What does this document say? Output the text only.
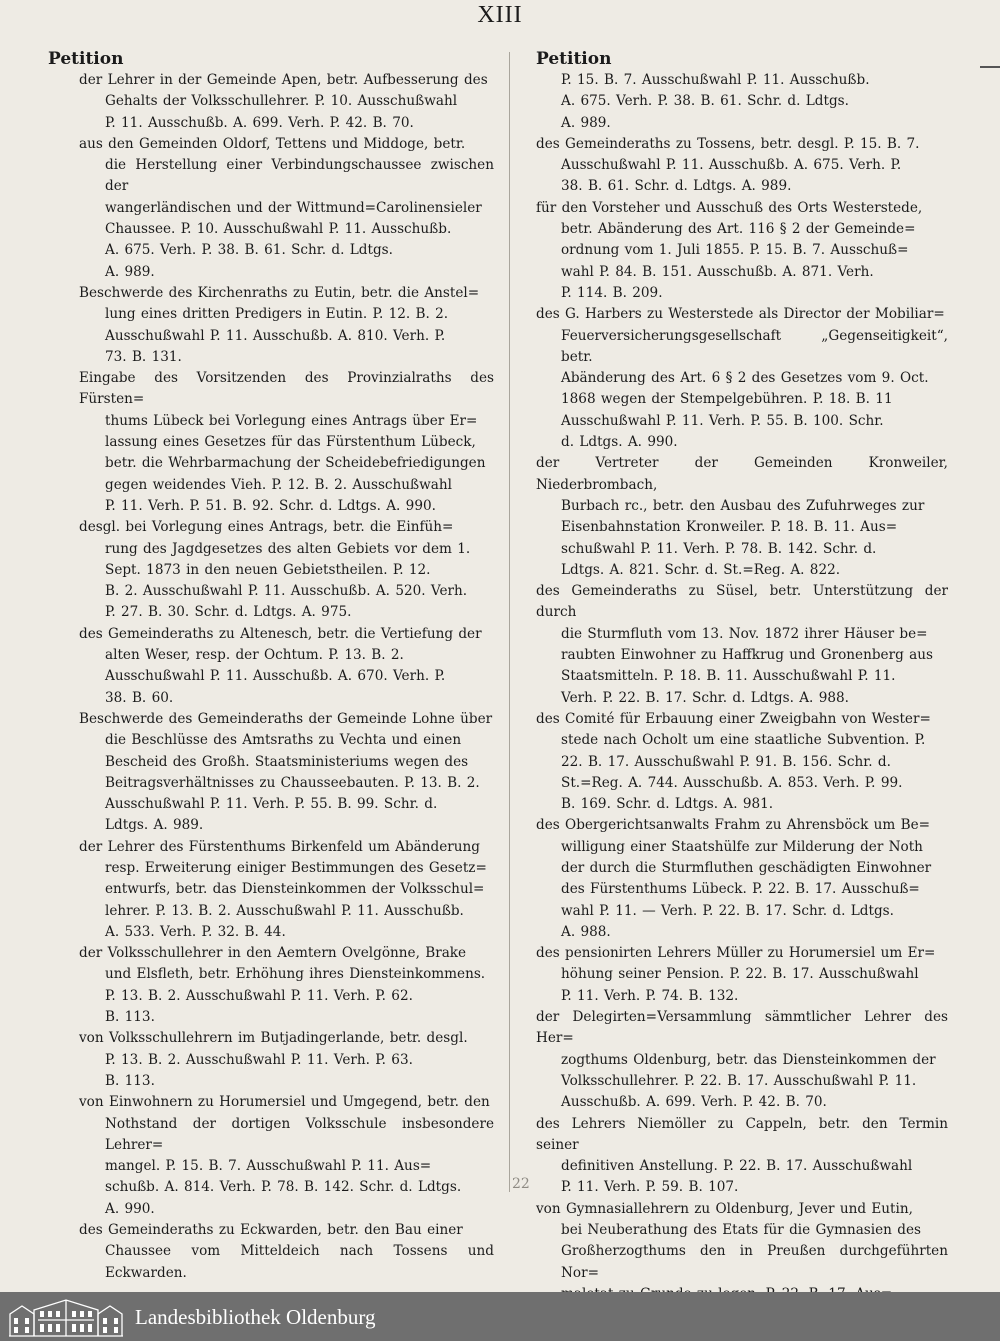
XIII
Petition
der Lehrer in der Gemeinde Apen, betr. Aufbesserung des
Gehalts der Volksschullehrer. P. 10. Ausschußwahl
P. 11. Ausschußb. A. 699. Verh. P. 42. B. 70.
aus den Gemeinden Oldorf, Tettens und Middoge, betr.
die Herstellung einer Verbindungschaussee zwischen der
wangerländischen und der Wittmund=Carolinensieler
Chaussee. P. 10. Ausschußwahl P. 11. Ausschußb.
A. 675. Verh. P. 38. B. 61. Schr. d. Ldtgs.
A. 989.
Beschwerde des Kirchenraths zu Eutin, betr. die Anstel=
lung eines dritten Predigers in Eutin. P. 12. B. 2.
Ausschußwahl P. 11. Ausschußb. A. 810. Verh. P.
73. B. 131.
Eingabe des Vorsitzenden des Provinzialraths des Fürsten=
thums Lübeck bei Vorlegung eines Antrags über Er=
lassung eines Gesetzes für das Fürstenthum Lübeck,
betr. die Wehrbarmachung der Scheidebefriedigungen
gegen weidendes Vieh. P. 12. B. 2. Ausschußwahl
P. 11. Verh. P. 51. B. 92. Schr. d. Ldtgs. A. 990.
desgl. bei Vorlegung eines Antrags, betr. die Einfüh=
rung des Jagdgesetzes des alten Gebiets vor dem 1.
Sept. 1873 in den neuen Gebietstheilen. P. 12.
B. 2. Ausschußwahl P. 11. Ausschußb. A. 520. Verh.
P. 27. B. 30. Schr. d. Ldtgs. A. 975.
des Gemeinderaths zu Altenesch, betr. die Vertiefung der
alten Weser, resp. der Ochtum. P. 13. B. 2.
Ausschußwahl P. 11. Ausschußb. A. 670. Verh. P.
38. B. 60.
Beschwerde des Gemeinderaths der Gemeinde Lohne über
die Beschlüsse des Amtsraths zu Vechta und einen
Bescheid des Großh. Staatsministeriums wegen des
Beitragsverhältnisses zu Chausseebauten. P. 13. B. 2.
Ausschußwahl P. 11. Verh. P. 55. B. 99. Schr. d.
Ldtgs. A. 989.
der Lehrer des Fürstenthums Birkenfeld um Abänderung
resp. Erweiterung einiger Bestimmungen des Gesetz=
entwurfs, betr. das Diensteinkommen der Volksschul=
lehrer. P. 13. B. 2. Ausschußwahl P. 11. Ausschußb.
A. 533. Verh. P. 32. B. 44.
der Volksschullehrer in den Aemtern Ovelgönne, Brake
und Elsfleth, betr. Erhöhung ihres Diensteinkommens.
P. 13. B. 2. Ausschußwahl P. 11. Verh. P. 62.
B. 113.
von Volksschullehrern im Butjadingerlande, betr. desgl.
P. 13. B. 2. Ausschußwahl P. 11. Verh. P. 63.
B. 113.
von Einwohnern zu Horumersiel und Umgegend, betr. den
Nothstand der dortigen Volksschule insbesondere Lehrer=
mangel. P. 15. B. 7. Ausschußwahl P. 11. Aus=
schußb. A. 814. Verh. P. 78. B. 142. Schr. d. Ldtgs.
A. 990.
des Gemeinderaths zu Eckwarden, betr. den Bau einer
Chaussee vom Mitteldeich nach Tossens und Eckwarden.
Petition
P. 15. B. 7. Ausschußwahl P. 11. Ausschußb.
A. 675. Verh. P. 38. B. 61. Schr. d. Ldtgs.
A. 989.
des Gemeinderaths zu Tossens, betr. desgl. P. 15. B. 7.
Ausschußwahl P. 11. Ausschußb. A. 675. Verh. P.
38. B. 61. Schr. d. Ldtgs. A. 989.
für den Vorsteher und Ausschuß des Orts Westerstede,
betr. Abänderung des Art. 116 § 2 der Gemeinde=
ordnung vom 1. Juli 1855. P. 15. B. 7. Ausschuß=
wahl P. 84. B. 151. Ausschußb. A. 871. Verh.
P. 114. B. 209.
des G. Harbers zu Westerstede als Director der Mobiliar=
Feuerversicherungsgesellschaft „Gegenseitigkeit“, betr.
Abänderung des Art. 6 § 2 des Gesetzes vom 9. Oct.
1868 wegen der Stempelgebühren. P. 18. B. 11
Ausschußwahl P. 11. Verh. P. 55. B. 100. Schr.
d. Ldtgs. A. 990.
der Vertreter der Gemeinden Kronweiler, Niederbrombach,
Burbach rc., betr. den Ausbau des Zufuhrweges zur
Eisenbahnstation Kronweiler. P. 18. B. 11. Aus=
schußwahl P. 11. Verh. P. 78. B. 142. Schr. d.
Ldtgs. A. 821. Schr. d. St.=Reg. A. 822.
des Gemeinderaths zu Süsel, betr. Unterstützung der durch
die Sturmfluth vom 13. Nov. 1872 ihrer Häuser be=
raubten Einwohner zu Haffkrug und Gronenberg aus
Staatsmitteln. P. 18. B. 11. Ausschußwahl P. 11.
Verh. P. 22. B. 17. Schr. d. Ldtgs. A. 988.
des Comité für Erbauung einer Zweigbahn von Wester=
stede nach Ocholt um eine staatliche Subvention. P.
22. B. 17. Ausschußwahl P. 91. B. 156. Schr. d.
St.=Reg. A. 744. Ausschußb. A. 853. Verh. P. 99.
B. 169. Schr. d. Ldtgs. A. 981.
des Obergerichtsanwalts Frahm zu Ahrensböck um Be=
willigung einer Staatshülfe zur Milderung der Noth
der durch die Sturmfluthen geschädigten Einwohner
des Fürstenthums Lübeck. P. 22. B. 17. Ausschuß=
wahl P. 11. — Verh. P. 22. B. 17. Schr. d. Ldtgs.
A. 988.
des pensionirten Lehrers Müller zu Horumersiel um Er=
höhung seiner Pension. P. 22. B. 17. Ausschußwahl
P. 11. Verh. P. 74. B. 132.
der Delegirten=Versammlung sämmtlicher Lehrer des Her=
zogthums Oldenburg, betr. das Diensteinkommen der
Volksschullehrer. P. 22. B. 17. Ausschußwahl P. 11.
Ausschußb. A. 699. Verh. P. 42. B. 70.
des Lehrers Niemöller zu Cappeln, betr. den Termin seiner
definitiven Anstellung. P. 22. B. 17. Ausschußwahl
P. 11. Verh. P. 59. B. 107.
von Gymnasiallehrern zu Oldenburg, Jever und Eutin,
bei Neuberathung des Etats für die Gymnasien des
Großherzogthums den in Preußen durchgeführten Nor=
22
Landesbibliothek Oldenburg
